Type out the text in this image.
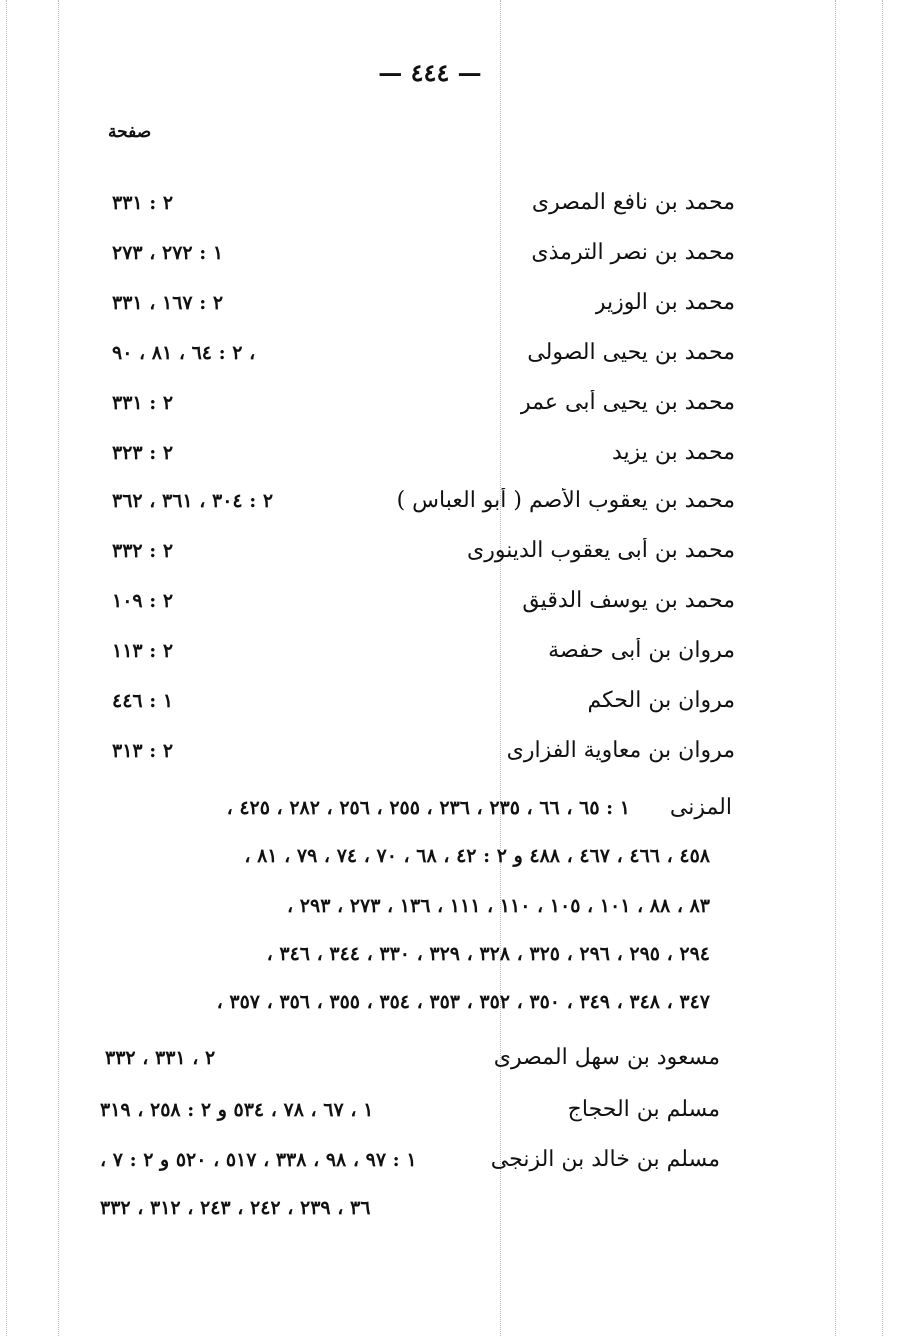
— ٤٤٤ —
صفحة
محمد بن نافع المصرى
٢ : ٣٣١
محمد بن نصر الترمذى
١ : ٢٧٢ ، ٢٧٣
محمد بن الوزير
٢ : ١٦٧ ، ٣٣١
محمد بن يحيى الصولى
٢ : ٦٤ ، ٨١ ، ٩٠ ،
محمد بن يحيى أبى عمر
٢ : ٣٣١
محمد بن يزيد
٢ : ٣٢٣
محمد بن يعقوب الأصم ( أبو العباس )
٢ : ٣٠٤ ، ٣٦١ ، ٣٦٢
محمد بن أبى يعقوب الدينورى
٢ : ٣٣٢
محمد بن يوسف الدقيق
٢ : ١٠٩
مروان بن أبى حفصة
٢ : ١١٣
مروان بن الحكم
١ : ٤٤٦
مروان بن معاوية الفزارى
٢ : ٣١٣
المزنى
١ : ٦٥ ، ٦٦ ، ٢٣٥ ، ٢٣٦ ، ٢٥٥ ، ٢٥٦ ، ٢٨٢ ، ٤٢٥ ،
٤٥٨ ، ٤٦٦ ، ٤٦٧ ، ٤٨٨ و ٢ : ٤٢ ، ٦٨ ، ٧٠ ، ٧٤ ، ٧٩ ، ٨١ ،
٨٣ ، ٨٨ ، ١٠١ ، ١٠٥ ، ١١٠ ، ١١١ ، ١٣٦ ، ٢٧٣ ، ٢٩٣ ،
٢٩٤ ، ٢٩٥ ، ٢٩٦ ، ٣٢٥ ، ٣٢٨ ، ٣٢٩ ، ٣٣٠ ، ٣٤٤ ، ٣٤٦ ،
٣٤٧ ، ٣٤٨ ، ٣٤٩ ، ٣٥٠ ، ٣٥٢ ، ٣٥٣ ، ٣٥٤ ، ٣٥٥ ، ٣٥٦ ، ٣٥٧ ،
مسعود بن سهل المصرى
٢ ، ٣٣١ ، ٣٣٢
مسلم بن الحجاج
١ ، ٦٧ ، ٧٨ ، ٥٣٤ و ٢ : ٢٥٨ ، ٣١٩
مسلم بن خالد بن الزنجى
١ : ٩٧ ، ٩٨ ، ٣٣٨ ، ٥١٧ ، ٥٢٠ و ٢ : ٧ ،
٣٦ ، ٢٣٩ ، ٢٤٢ ، ٢٤٣ ، ٣١٢ ، ٣٣٢
